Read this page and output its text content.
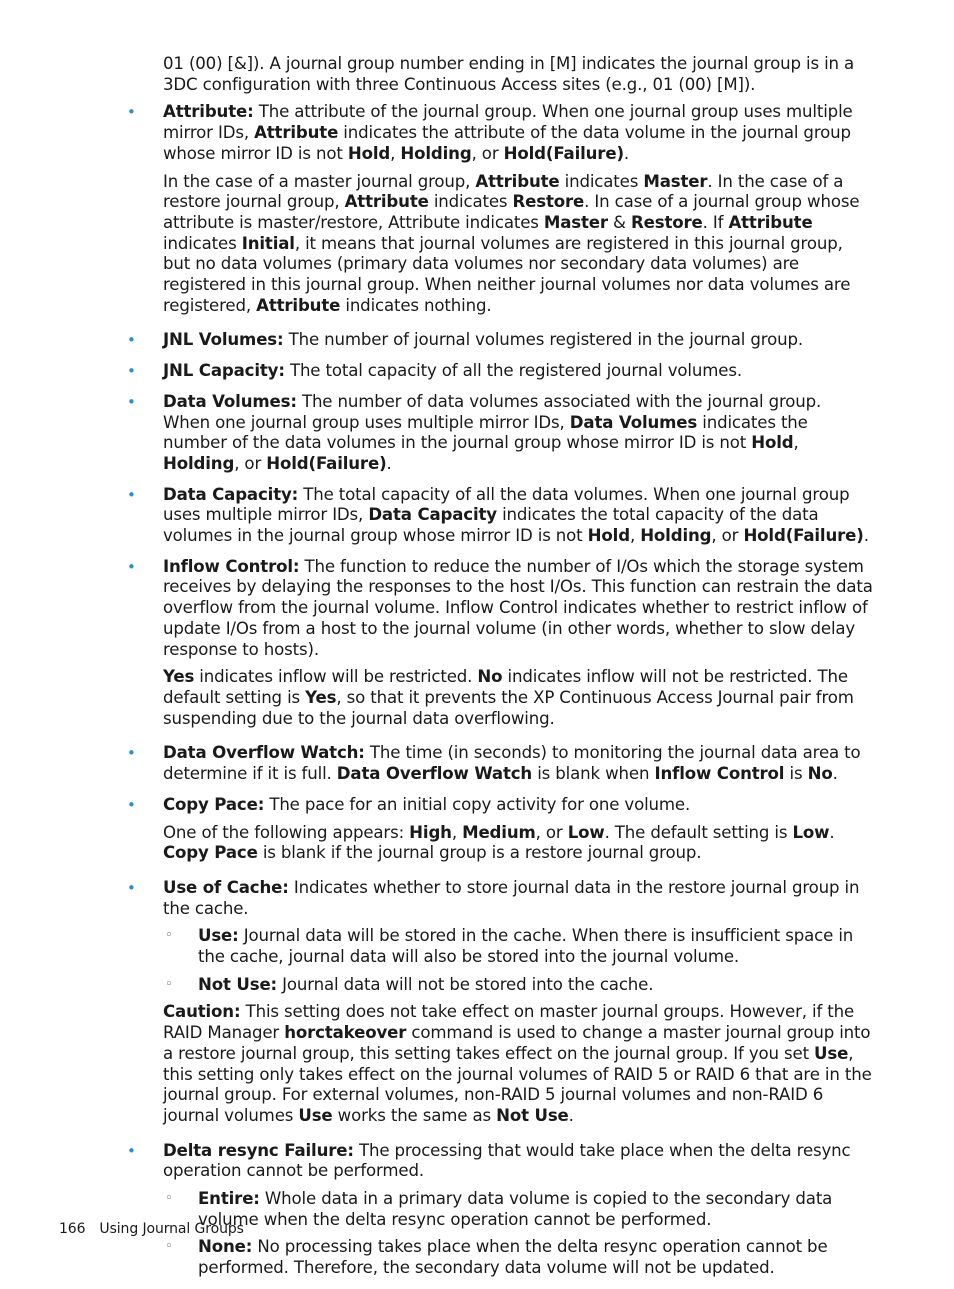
01 (00) [&]). A journal group number ending in [M] indicates the journal group is in a 3DC configuration with three Continuous Access sites (e.g., 01 (00) [M]).

• Attribute: The attribute of the journal group. When one journal group uses multiple mirror IDs, Attribute indicates the attribute of the data volume in the journal group whose mirror ID is not Hold, Holding, or Hold(Failure).

In the case of a master journal group, Attribute indicates Master. In the case of a restore journal group, Attribute indicates Restore. In case of a journal group whose attribute is master/restore, Attribute indicates Master & Restore. If Attribute indicates Initial, it means that journal volumes are registered in this journal group, but no data volumes (primary data volumes nor secondary data volumes) are registered in this journal group. When neither journal volumes nor data volumes are registered, Attribute indicates nothing.

• JNL Volumes: The number of journal volumes registered in the journal group.

• JNL Capacity: The total capacity of all the registered journal volumes.

• Data Volumes: The number of data volumes associated with the journal group. When one journal group uses multiple mirror IDs, Data Volumes indicates the number of the data volumes in the journal group whose mirror ID is not Hold, Holding, or Hold(Failure).

• Data Capacity: The total capacity of all the data volumes. When one journal group uses multiple mirror IDs, Data Capacity indicates the total capacity of the data volumes in the journal group whose mirror ID is not Hold, Holding, or Hold(Failure).

• Inflow Control: The function to reduce the number of I/Os which the storage system receives by delaying the responses to the host I/Os. This function can restrain the data overflow from the journal volume. Inflow Control indicates whether to restrict inflow of update I/Os from a host to the journal volume (in other words, whether to slow delay response to hosts).

Yes indicates inflow will be restricted. No indicates inflow will not be restricted. The default setting is Yes, so that it prevents the XP Continuous Access Journal pair from suspending due to the journal data overflowing.

• Data Overflow Watch: The time (in seconds) to monitoring the journal data area to determine if it is full. Data Overflow Watch is blank when Inflow Control is No.

• Copy Pace: The pace for an initial copy activity for one volume.

One of the following appears: High, Medium, or Low. The default setting is Low. Copy Pace is blank if the journal group is a restore journal group.

• Use of Cache: Indicates whether to store journal data in the restore journal group in the cache.

◦ Use: Journal data will be stored in the cache. When there is insufficient space in the cache, journal data will also be stored into the journal volume.

◦ Not Use: Journal data will not be stored into the cache.

Caution: This setting does not take effect on master journal groups. However, if the RAID Manager horctakeover command is used to change a master journal group into a restore journal group, this setting takes effect on the journal group. If you set Use, this setting only takes effect on the journal volumes of RAID 5 or RAID 6 that are in the journal group. For external volumes, non-RAID 5 journal volumes and non-RAID 6 journal volumes Use works the same as Not Use.

• Delta resync Failure: The processing that would take place when the delta resync operation cannot be performed.

◦ Entire: Whole data in a primary data volume is copied to the secondary data volume when the delta resync operation cannot be performed.

◦ None: No processing takes place when the delta resync operation cannot be performed. Therefore, the secondary data volume will not be updated.

166 Using Journal Groups
